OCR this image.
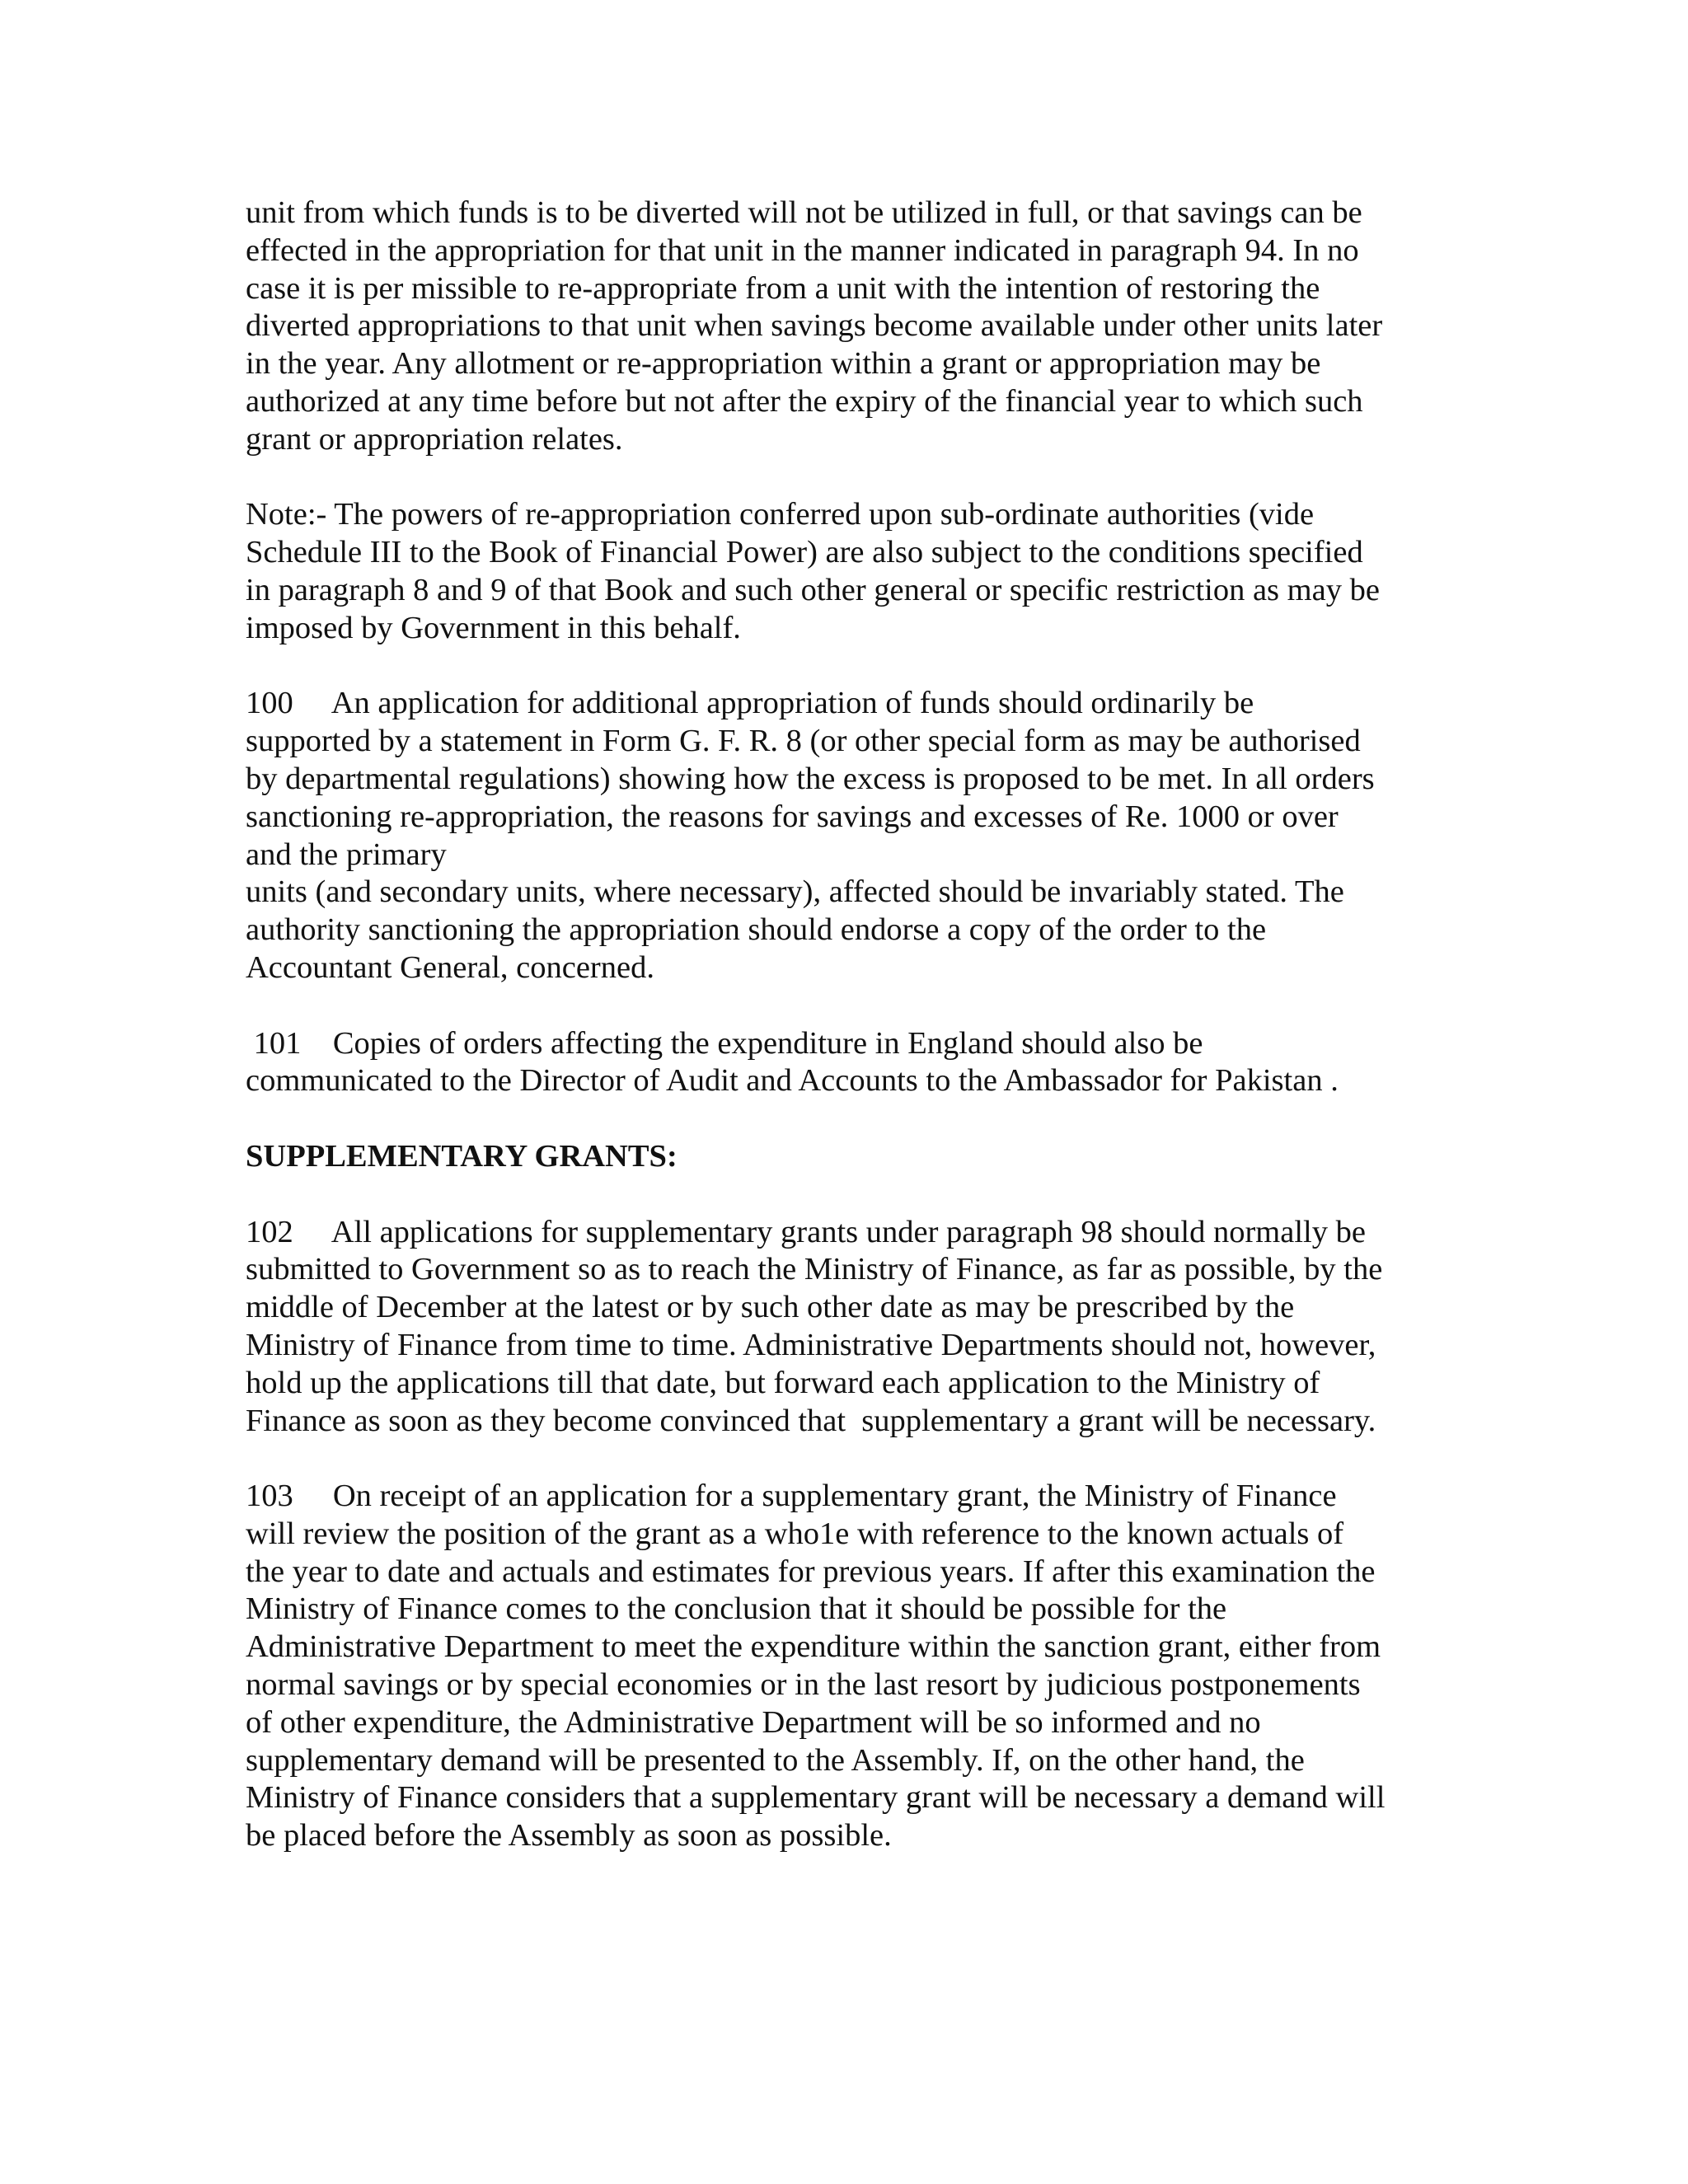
unit from which funds is to be diverted will not be utilized in full, or that savings can be
effected in the appropriation for that unit in the manner indicated in paragraph 94. In no
case it is per missible to re-appropriate from a unit with the intention of restoring the
diverted appropriations to that unit when savings become available under other units later
in the year. Any allotment or re-appropriation within a grant or appropriation may be
authorized at any time before but not after the expiry of the financial year to which such
grant or appropriation relates.
Note:- The powers of re-appropriation conferred upon sub-ordinate authorities (vide
Schedule III to the Book of Financial Power) are also subject to the conditions specified
in paragraph 8 and 9 of that Book and such other general or specific restriction as may be
imposed by Government in this behalf.
100     An application for additional appropriation of funds should ordinarily be
supported by a statement in Form G. F. R. 8 (or other special form as may be authorised
by departmental regulations) showing how the excess is proposed to be met. In all orders
sanctioning re-appropriation, the reasons for savings and excesses of Re. 1000 or over
and the primary
units (and secondary units, where necessary), affected should be invariably stated. The
authority sanctioning the appropriation should endorse a copy of the order to the
Accountant General, concerned.
101    Copies of orders affecting the expenditure in England should also be
communicated to the Director of Audit and Accounts to the Ambassador for Pakistan .
SUPPLEMENTARY GRANTS:
102     All applications for supplementary grants under paragraph 98 should normally be
submitted to Government so as to reach the Ministry of Finance, as far as possible, by the
middle of December at the latest or by such other date as may be prescribed by the
Ministry of Finance from time to time. Administrative Departments should not, however,
hold up the applications till that date, but forward each application to the Ministry of
Finance as soon as they become convinced that  supplementary a grant will be necessary.
103     On receipt of an application for a supplementary grant, the Ministry of Finance
will review the position of the grant as a who1e with reference to the known actuals of
the year to date and actuals and estimates for previous years. If after this examination the
Ministry of Finance comes to the conclusion that it should be possible for the
Administrative Department to meet the expenditure within the sanction grant, either from
normal savings or by special economies or in the last resort by judicious postponements
of other expenditure, the Administrative Department will be so informed and no
supplementary demand will be presented to the Assembly. If, on the other hand, the
Ministry of Finance considers that a supplementary grant will be necessary a demand will
be placed before the Assembly as soon as possible.
